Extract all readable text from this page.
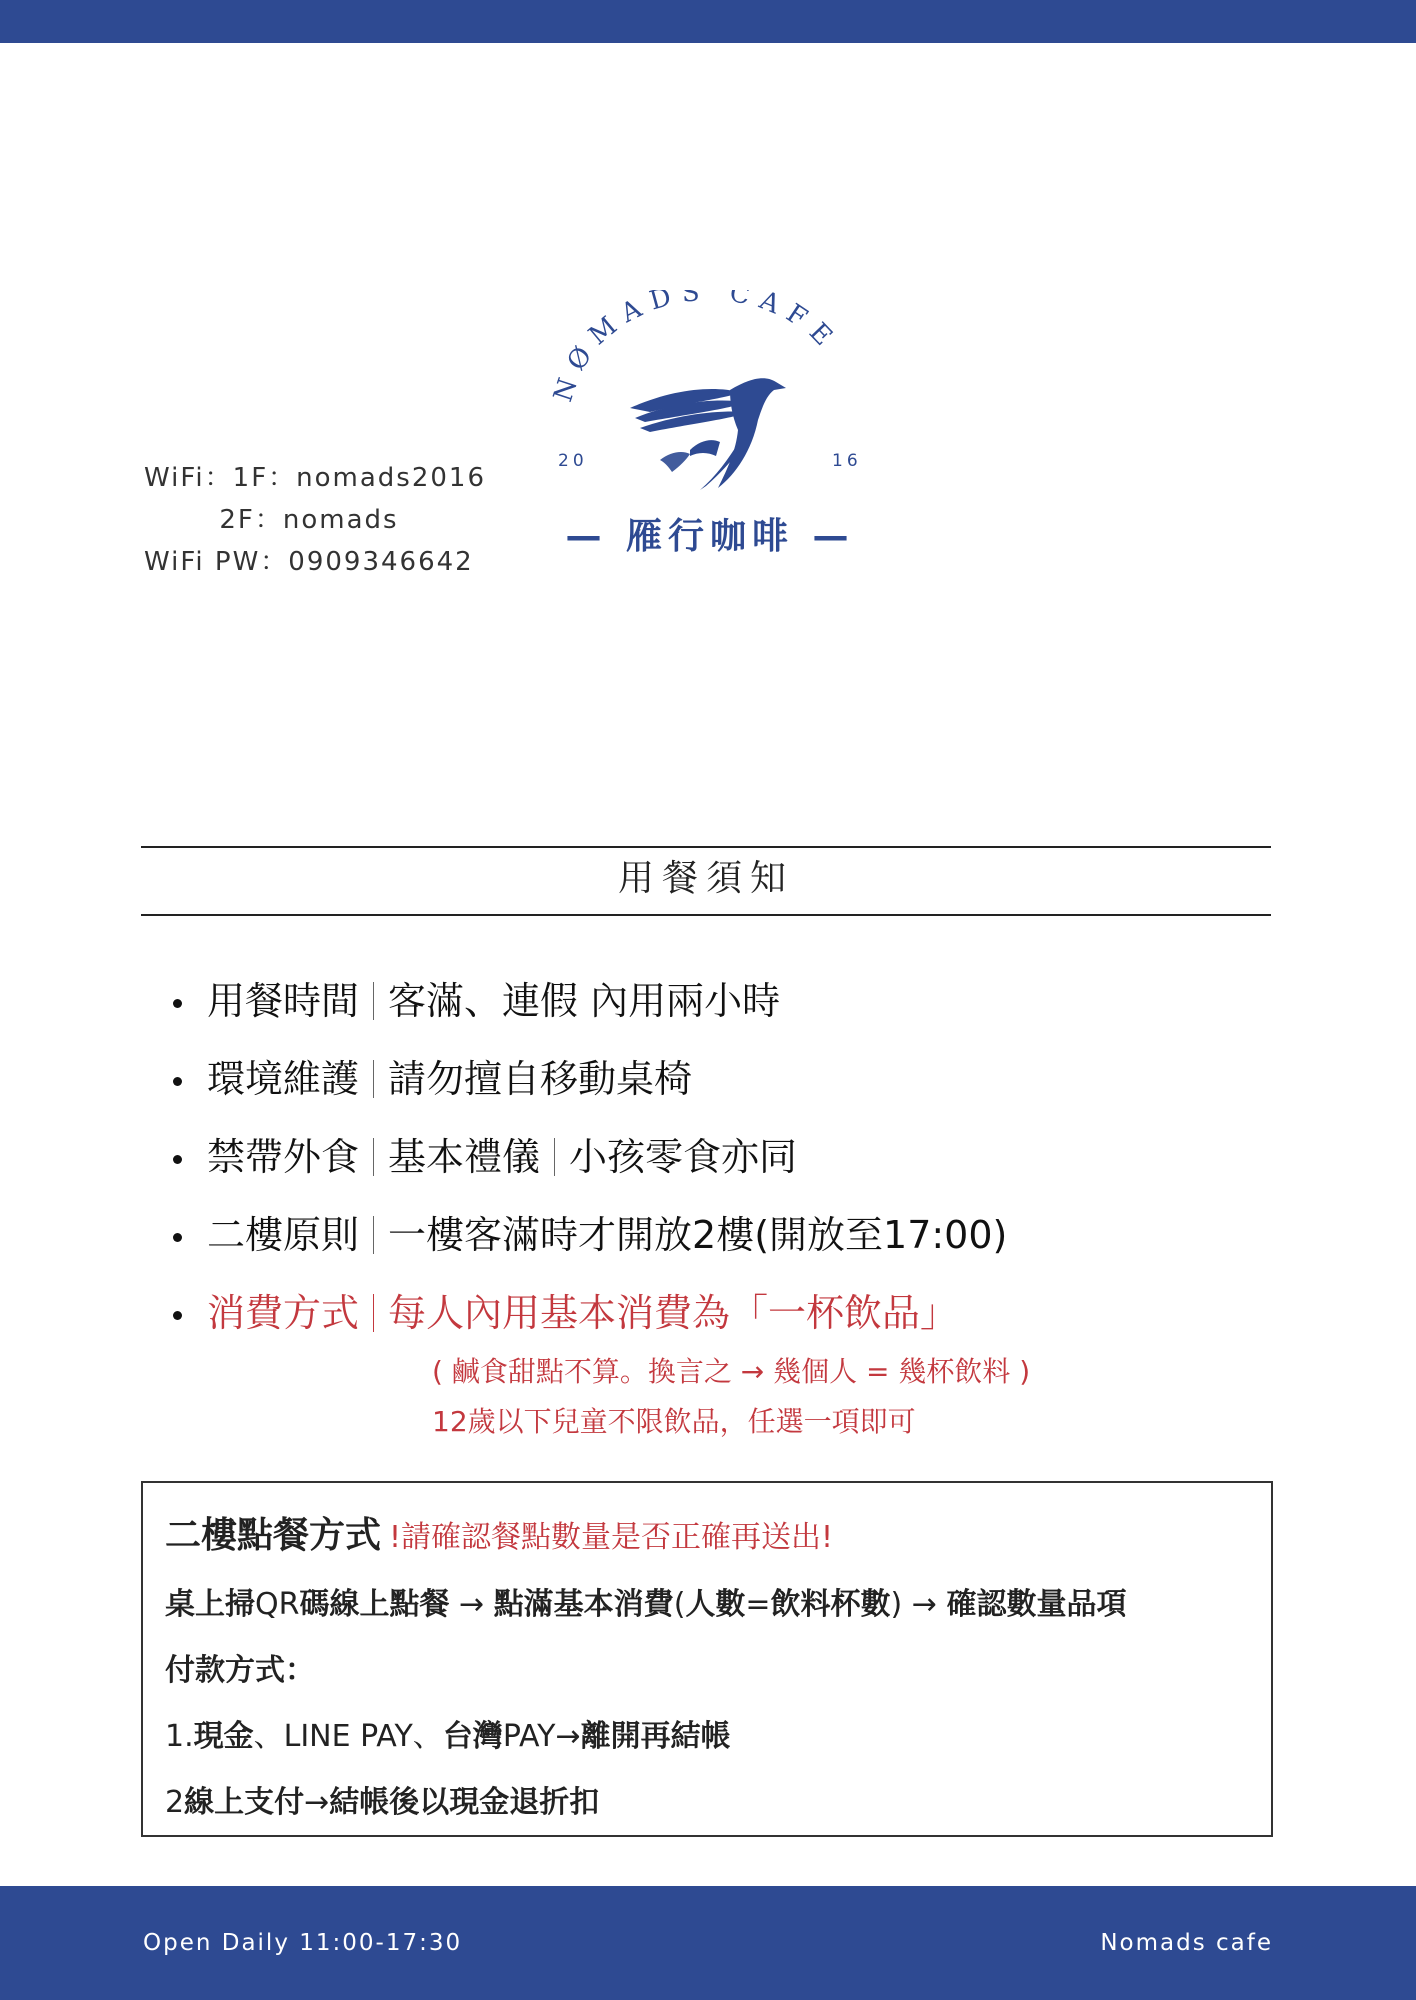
WiFi：1F：nomads2016
2F：nomads
WiFi PW：0909346642
NØMADS CAFE
20	16
— 雁行咖啡 —
用餐須知
用餐時間 客滿、連假 內用兩小時
環境維護 請勿擅自移動桌椅
禁帶外食 基本禮儀 小孩零食亦同
二樓原則 一樓客滿時才開放2樓(開放至17:00)
消費方式 每人內用基本消費為「一杯飲品」
( 鹹食甜點不算。換言之 → 幾個人 = 幾杯飲料 )
12歲以下兒童不限飲品，任選一項即可
二樓點餐方式 !請確認餐點數量是否正確再送出!
桌上掃QR碼線上點餐 → 點滿基本消費(人數=飲料杯數) → 確認數量品項
付款方式：
1.現金、LINE PAY、台灣PAY→離開再結帳
2線上支付→結帳後以現金退折扣
Open Daily 11:00-17:30	Nomads cafe
